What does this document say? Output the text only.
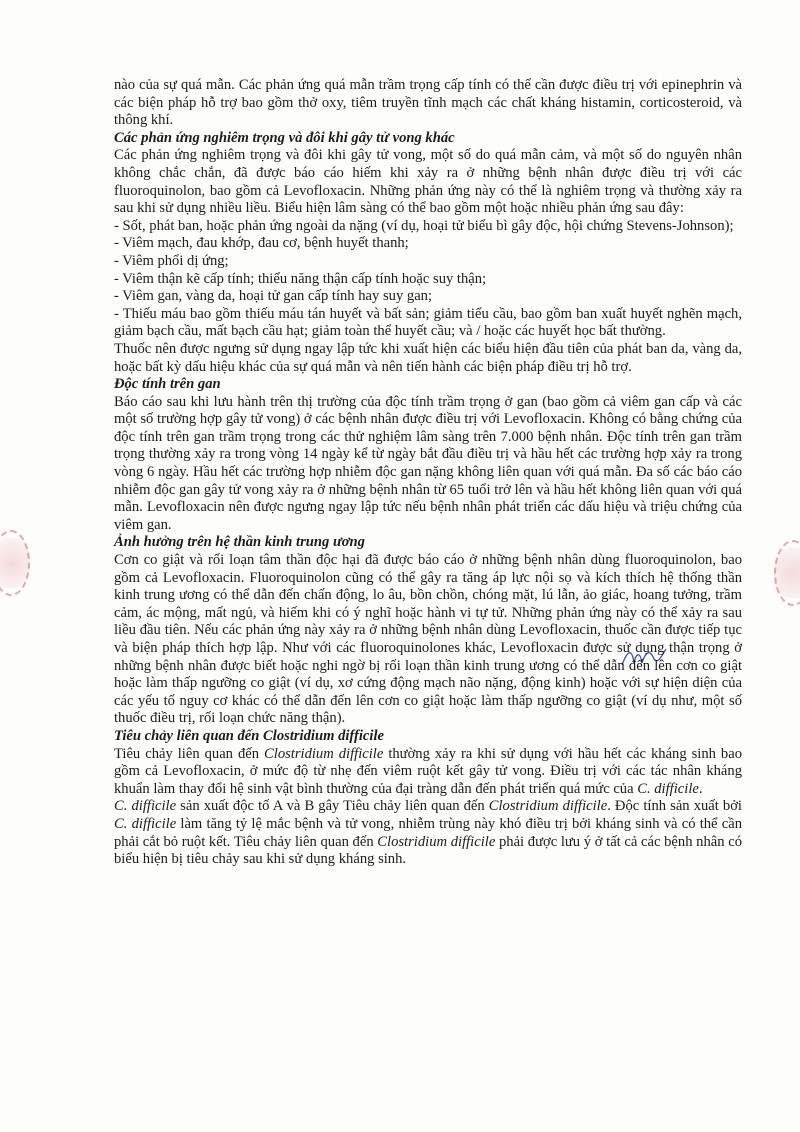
nào của sự quá mẫn. Các phản ứng quá mẫn trầm trọng cấp tính có thể cần được điều trị với epinephrin và các biện pháp hỗ trợ bao gồm thở oxy, tiêm truyền tĩnh mạch các chất kháng histamin, corticosteroid, và thông khí.

Các phản ứng nghiêm trọng và đôi khi gây tử vong khác

Các phản ứng nghiêm trọng và đôi khi gây tử vong, một số do quá mẫn cảm, và một số do nguyên nhân không chắc chắn, đã được báo cáo hiếm khi xảy ra ở những bệnh nhân được điều trị với các fluoroquinolon, bao gồm cả Levofloxacin. Những phản ứng này có thể là nghiêm trọng và thường xảy ra sau khi sử dụng nhiều liều. Biểu hiện lâm sàng có thể bao gồm một hoặc nhiều phản ứng sau đây:

- Sốt, phát ban, hoặc phản ứng ngoài da nặng (ví dụ, hoại tử biểu bì gây độc, hội chứng Stevens-Johnson);

- Viêm mạch, đau khớp, đau cơ, bệnh huyết thanh;

- Viêm phổi dị ứng;

- Viêm thận kẽ cấp tính; thiểu năng thận cấp tính hoặc suy thận;

- Viêm gan, vàng da, hoại tử gan cấp tính hay suy gan;

- Thiếu máu bao gồm thiếu máu tán huyết và bất sản; giảm tiểu cầu, bao gồm ban xuất huyết nghẽn mạch, giảm bạch cầu, mất bạch cầu hạt; giảm toàn thể huyết cầu; và / hoặc các huyết học bất thường.

Thuốc nên được ngưng sử dụng ngay lập tức khi xuất hiện các biểu hiện đầu tiên của phát ban da, vàng da, hoặc bất kỳ dấu hiệu khác của sự quá mẫn và nên tiến hành các biện pháp điều trị hỗ trợ.

Độc tính trên gan

Báo cáo sau khi lưu hành trên thị trường của độc tính trầm trọng ở gan (bao gồm cả viêm gan cấp và các một số trường hợp gây tử vong) ở các bệnh nhân được điều trị với Levofloxacin. Không có bằng chứng của độc tính trên gan trầm trọng trong các thử nghiệm lâm sàng trên 7.000 bệnh nhân. Độc tính trên gan trầm trọng thường xảy ra trong vòng 14 ngày kể từ ngày bắt đầu điều trị và hầu hết các trường hợp xảy ra trong vòng 6 ngày. Hầu hết các trường hợp nhiễm độc gan nặng không liên quan với quá mẫn. Đa số các báo cáo nhiễm độc gan gây tử vong xảy ra ở những bệnh nhân từ 65 tuổi trở lên và hầu hết không liên quan với quá mẫn. Levofloxacin nên được ngưng ngay lập tức nếu bệnh nhân phát triển các dấu hiệu và triệu chứng của viêm gan.

Ảnh hưởng trên hệ thần kinh trung ương

Cơn co giật và rối loạn tâm thần độc hại đã được báo cáo ở những bệnh nhân dùng fluoroquinolon, bao gồm cả Levofloxacin. Fluoroquinolon cũng có thể gây ra tăng áp lực nội sọ và kích thích hệ thống thần kinh trung ương có thể dẫn đến chấn động, lo âu, bồn chồn, chóng mặt, lú lẫn, ảo giác, hoang tưởng, trầm cảm, ác mộng, mất ngủ, và hiếm khi có ý nghĩ hoặc hành vi tự tử. Những phản ứng này có thể xảy ra sau liều đầu tiên. Nếu các phản ứng này xảy ra ở những bệnh nhân dùng Levofloxacin, thuốc cần được tiếp tục và biện pháp thích hợp lập. Như với các fluoroquinolones khác, Levofloxacin được sử dụng thận trọng ở những bệnh nhân được biết hoặc nghi ngờ bị rối loạn thần kinh trung ương có thể dẫn đến lên cơn co giật hoặc làm thấp ngưỡng co giật (ví dụ, xơ cứng động mạch não nặng, động kinh) hoặc với sự hiện diện của các yếu tố nguy cơ khác có thể dẫn đến lên cơn co giật hoặc làm thấp ngưỡng co giật (ví dụ như, một số thuốc điều trị, rối loạn chức năng thận).

Tiêu chảy liên quan đến Clostridium difficile

Tiêu chảy liên quan đến Clostridium difficile thường xảy ra khi sử dụng với hầu hết các kháng sinh bao gồm cả Levofloxacin, ở mức độ từ nhẹ đến viêm ruột kết gây tử vong. Điều trị với các tác nhân kháng khuẩn làm thay đổi hệ sinh vật bình thường của đại tràng dẫn đến phát triển quá mức của C. difficile.

C. difficile sản xuất độc tố A và B gây Tiêu chảy liên quan đến Clostridium difficile. Độc tính sản xuất bởi C. difficile làm tăng tỷ lệ mắc bệnh và tử vong, nhiễm trùng này khó điều trị bởi kháng sinh và có thể cần phải cắt bỏ ruột kết. Tiêu chảy liên quan đến Clostridium difficile phải được lưu ý ở tất cả các bệnh nhân có biểu hiện bị tiêu chảy sau khi sử dụng kháng sinh.
